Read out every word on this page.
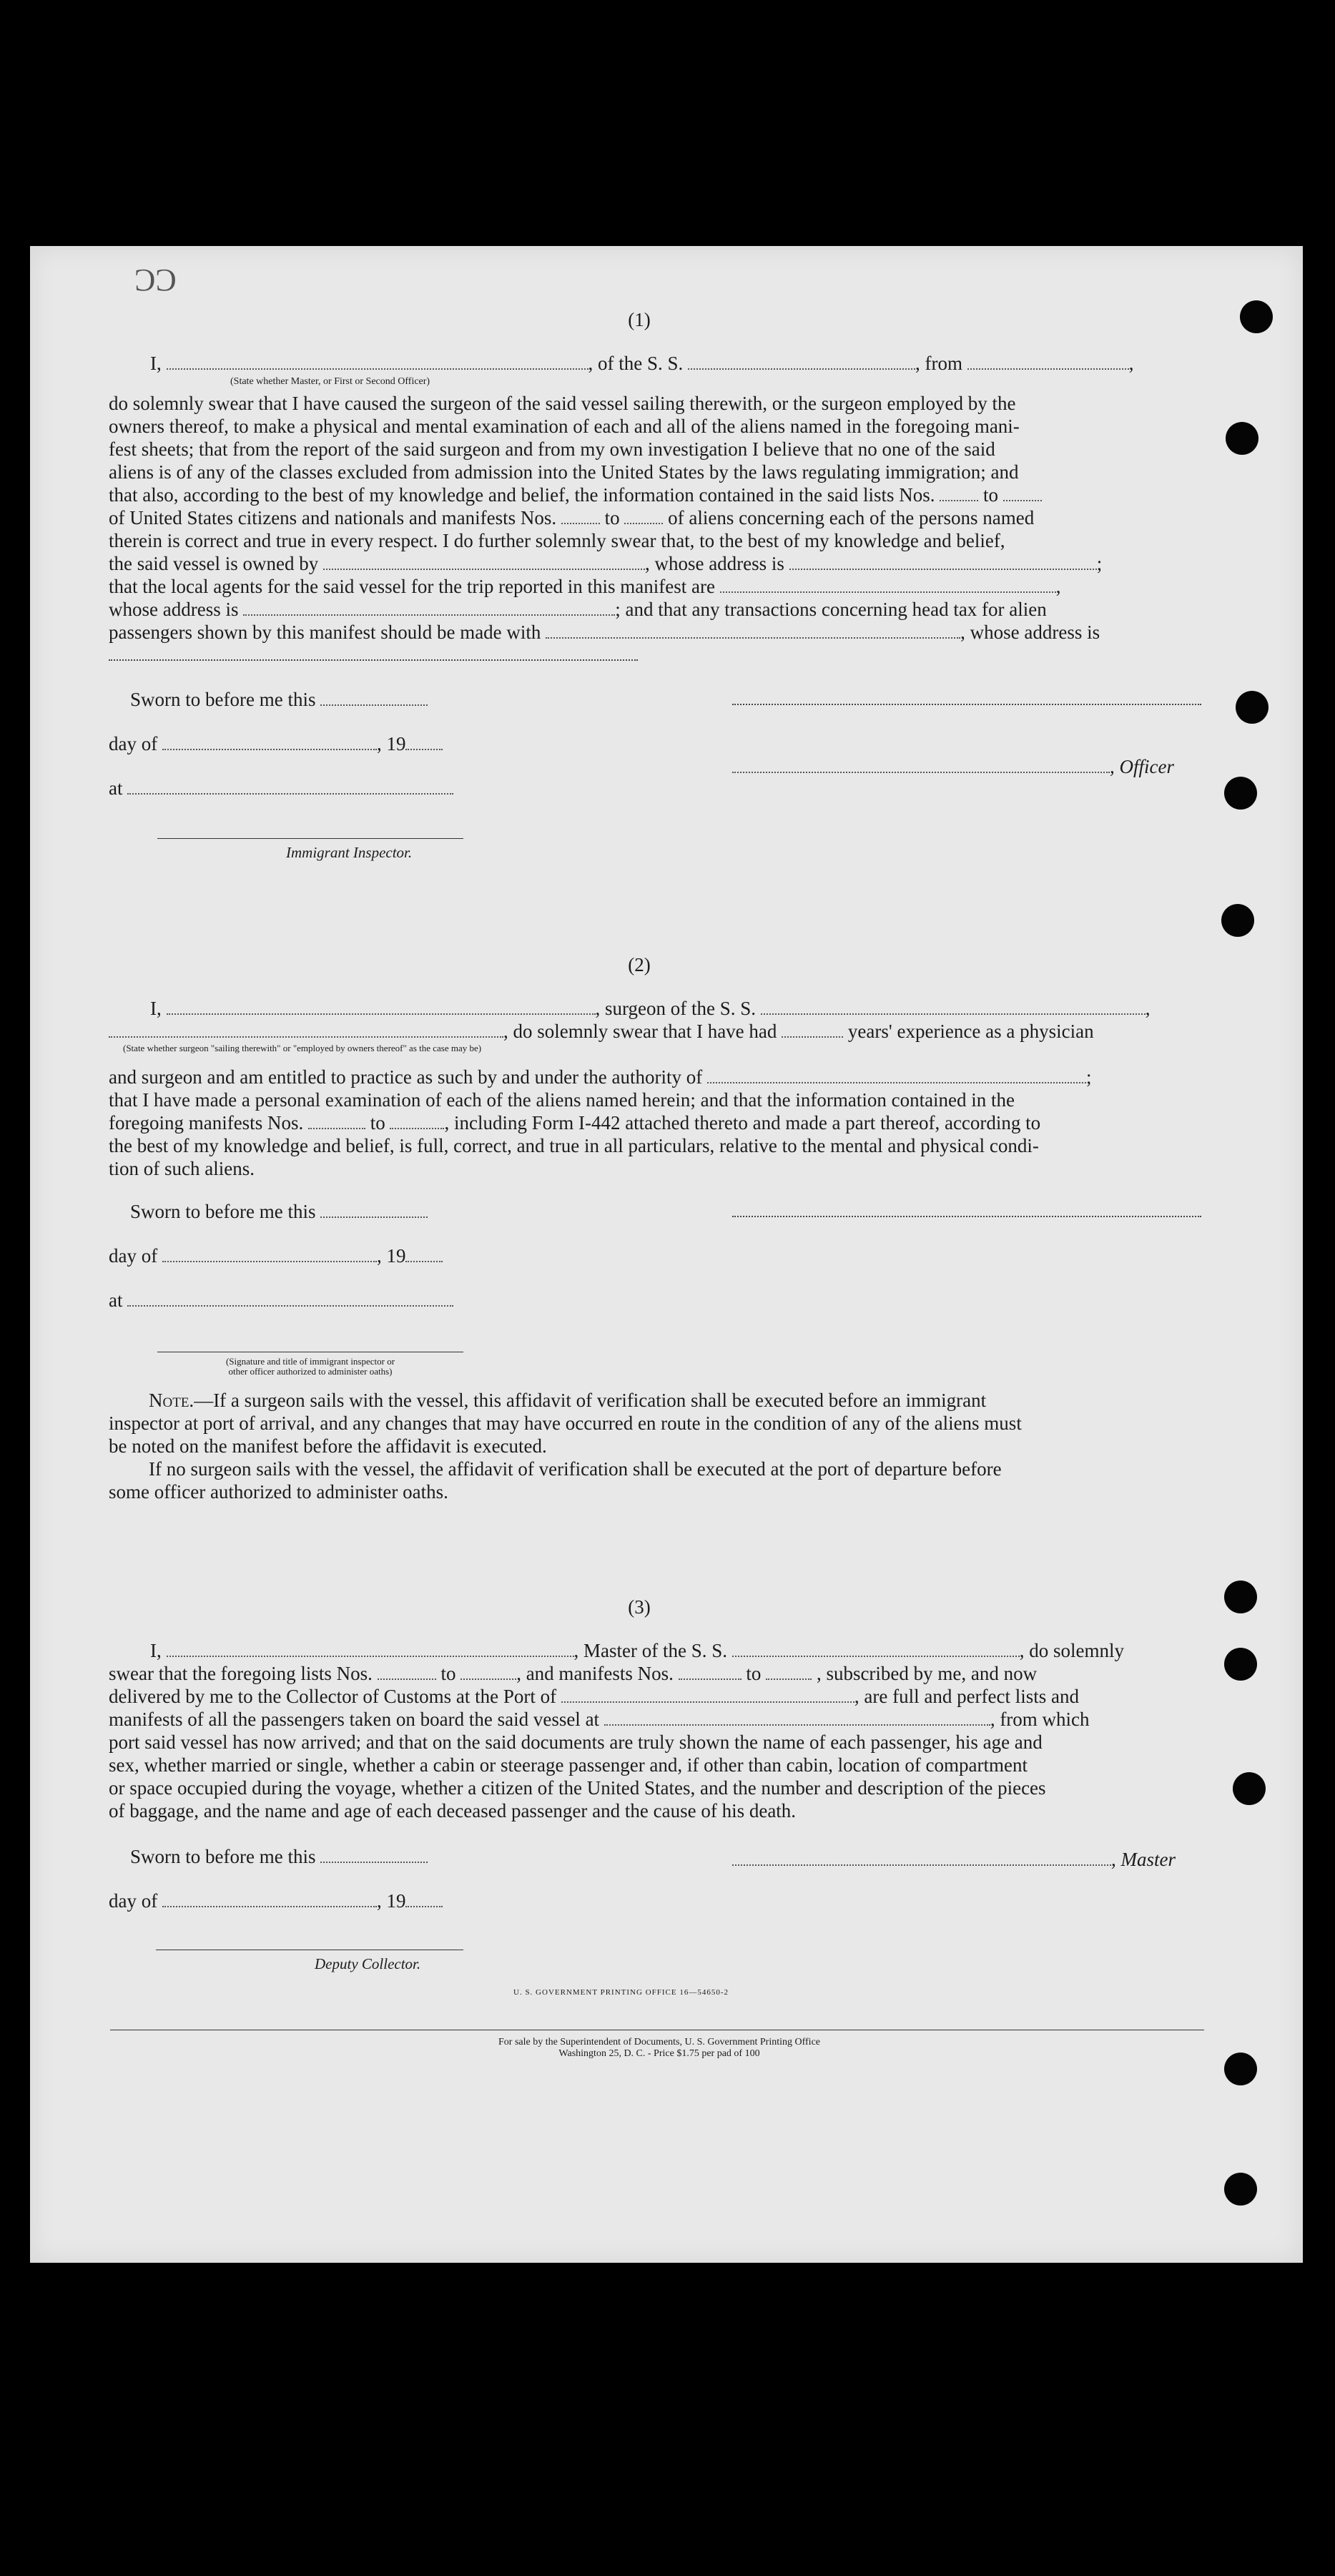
ƆƆ
(1)
I,	, of the S. S.	, from	,
(State whether Master, or First or Second Officer)
do solemnly swear that I have caused the surgeon of the said vessel sailing therewith, or the surgeon employed by the
owners thereof, to make a physical and mental examination of each and all of the aliens named in the foregoing mani-
fest sheets; that from the report of the said surgeon and from my own investigation I believe that no one of the said
aliens is of any of the classes excluded from admission into the United States by the laws regulating immigration; and
that also, according to the best of my knowledge and belief, the information contained in the said lists Nos.	to
of United States citizens and nationals and manifests Nos.	to	of aliens concerning each of the persons named
therein is correct and true in every respect. I do further solemnly swear that, to the best of my knowledge and belief,
the said vessel is owned by	, whose address is	;
that the local agents for the said vessel for the trip reported in this manifest are	,
whose address is	; and that any transactions concerning head tax for alien
passengers shown by this manifest should be made with	, whose address is
Sworn to before me this
day of	, 19
, Officer
at
Immigrant Inspector.
(2)
I,	, surgeon of the S. S.	,
, do solemnly swear that I have had	years' experience as a physician
(State whether surgeon "sailing therewith" or "employed by owners thereof" as the case may be)
and surgeon and am entitled to practice as such by and under the authority of	;
that I have made a personal examination of each of the aliens named herein; and that the information contained in the
foregoing manifests Nos.	to	, including Form I-442 attached thereto and made a part thereof, according to
the best of my knowledge and belief, is full, correct, and true in all particulars, relative to the mental and physical condi-
tion of such aliens.
Sworn to before me this
day of	, 19
at
(Signature and title of immigrant inspector or
other officer authorized to administer oaths)
Note.—If a surgeon sails with the vessel, this affidavit of verification shall be executed before an immigrant
inspector at port of arrival, and any changes that may have occurred en route in the condition of any of the aliens must
be noted on the manifest before the affidavit is executed.
If no surgeon sails with the vessel, the affidavit of verification shall be executed at the port of departure before
some officer authorized to administer oaths.
(3)
I,	, Master of the S. S.	, do solemnly
swear that the foregoing lists Nos.	to	, and manifests Nos.	to	, subscribed by me, and now
delivered by me to the Collector of Customs at the Port of	, are full and perfect lists and
manifests of all the passengers taken on board the said vessel at	, from which
port said vessel has now arrived; and that on the said documents are truly shown the name of each passenger, his age and
sex, whether married or single, whether a cabin or steerage passenger and, if other than cabin, location of compartment
or space occupied during the voyage, whether a citizen of the United States, and the number and description of the pieces
of baggage, and the name and age of each deceased passenger and the cause of his death.
Sworn to before me this	, Master
day of	, 19
Deputy Collector.
U. S. GOVERNMENT PRINTING OFFICE 16—54650-2
For sale by the Superintendent of Documents, U. S. Government Printing Office
Washington 25, D. C. - Price $1.75 per pad of 100
